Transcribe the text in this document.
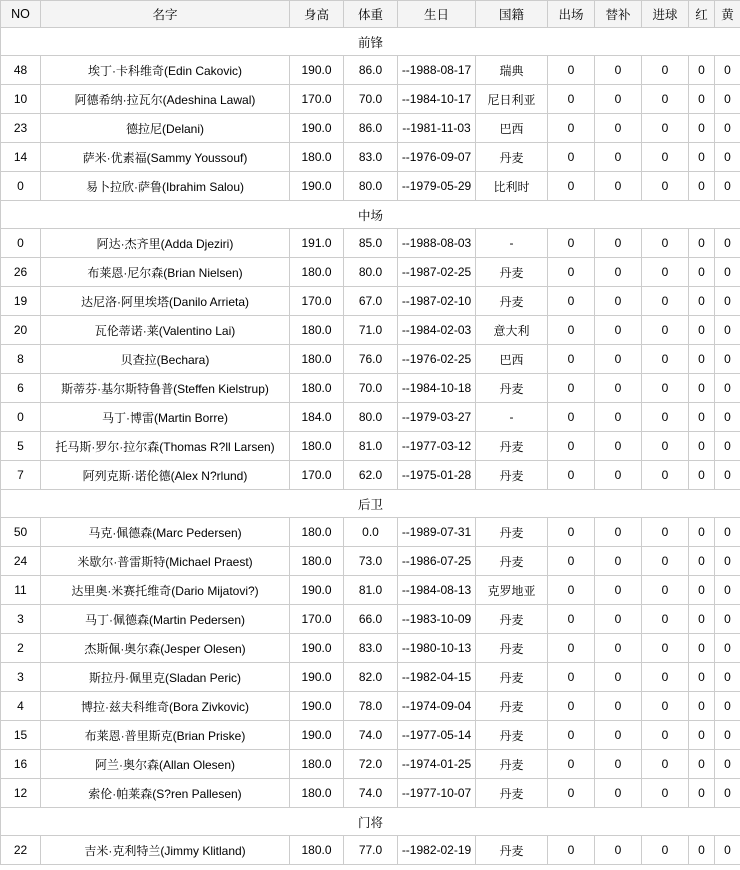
NO	名字	身高	体重	生日	国籍	出场	替补	进球	红	黄
前锋										
48	埃丁·卡科维奇(Edin Cakovic)	190.0	86.0	--1988-08-17	瑞典	0	0	0	0	0
10	阿德希纳·拉瓦尔(Adeshina Lawal)	170.0	70.0	--1984-10-17	尼日利亚	0	0	0	0	0
23	德拉尼(Delani)	190.0	86.0	--1981-11-03	巴西	0	0	0	0	0
14	萨米·优素福(Sammy Youssouf)	180.0	83.0	--1976-09-07	丹麦	0	0	0	0	0
0	易卜拉欣·萨鲁(Ibrahim Salou)	190.0	80.0	--1979-05-29	比利时	0	0	0	0	0
中场										
0	阿达·杰齐里(Adda Djeziri)	191.0	85.0	--1988-08-03	-	0	0	0	0	0
26	布莱恩·尼尔森(Brian Nielsen)	180.0	80.0	--1987-02-25	丹麦	0	0	0	0	0
19	达尼洛·阿里埃塔(Danilo Arrieta)	170.0	67.0	--1987-02-10	丹麦	0	0	0	0	0
20	瓦伦蒂诺·莱(Valentino Lai)	180.0	71.0	--1984-02-03	意大利	0	0	0	0	0
8	贝查拉(Bechara)	180.0	76.0	--1976-02-25	巴西	0	0	0	0	0
6	斯蒂芬·基尔斯特鲁普(Steffen Kielstrup)	180.0	70.0	--1984-10-18	丹麦	0	0	0	0	0
0	马丁·博雷(Martin Borre)	184.0	80.0	--1979-03-27	-	0	0	0	0	0
5	托马斯·罗尔·拉尔森(Thomas R?ll Larsen)	180.0	81.0	--1977-03-12	丹麦	0	0	0	0	0
7	阿列克斯·诺伦德(Alex N?rlund)	170.0	62.0	--1975-01-28	丹麦	0	0	0	0	0
后卫										
50	马克·佩德森(Marc Pedersen)	180.0	0.0	--1989-07-31	丹麦	0	0	0	0	0
24	米歇尔·普雷斯特(Michael Praest)	180.0	73.0	--1986-07-25	丹麦	0	0	0	0	0
11	达里奥·米赛托维奇(Dario Mijatovi?)	190.0	81.0	--1984-08-13	克罗地亚	0	0	0	0	0
3	马丁·佩德森(Martin Pedersen)	170.0	66.0	--1983-10-09	丹麦	0	0	0	0	0
2	杰斯佩·奥尔森(Jesper Olesen)	190.0	83.0	--1980-10-13	丹麦	0	0	0	0	0
3	斯拉丹·佩里克(Sladan Peric)	190.0	82.0	--1982-04-15	丹麦	0	0	0	0	0
4	博拉·兹夫科维奇(Bora Zivkovic)	190.0	78.0	--1974-09-04	丹麦	0	0	0	0	0
15	布莱恩·普里斯克(Brian Priske)	190.0	74.0	--1977-05-14	丹麦	0	0	0	0	0
16	阿兰·奥尔森(Allan Olesen)	180.0	72.0	--1974-01-25	丹麦	0	0	0	0	0
12	索伦·帕莱森(S?ren Pallesen)	180.0	74.0	--1977-10-07	丹麦	0	0	0	0	0
门将										
22	吉米·克利特兰(Jimmy Klitland)	180.0	77.0	--1982-02-19	丹麦	0	0	0	0	0
